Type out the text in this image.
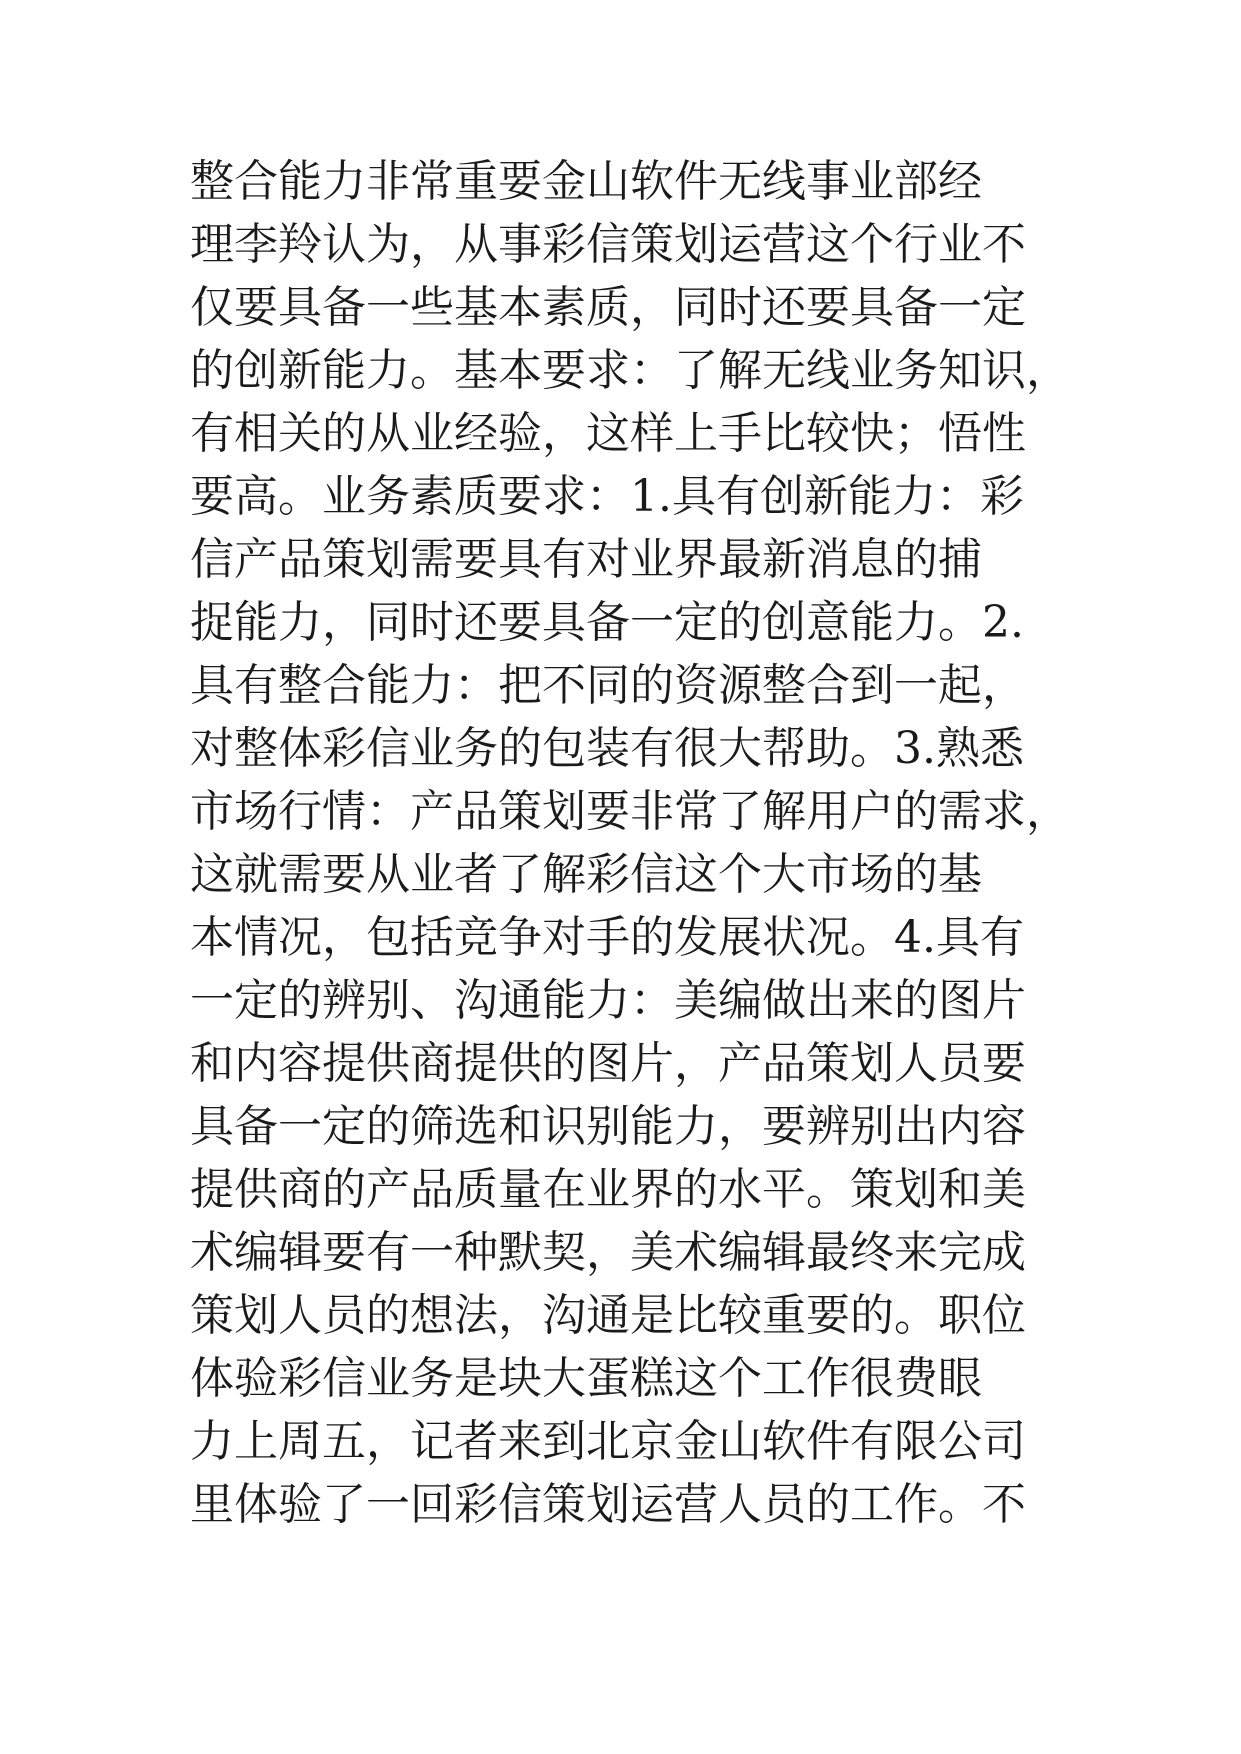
整合能力非常重要金山软件无线事业部经
理李羚认为，从事彩信策划运营这个行业不
仅要具备一些基本素质，同时还要具备一定
的创新能力。基本要求：了解无线业务知识，
有相关的从业经验，这样上手比较快；悟性
要高。业务素质要求：1.具有创新能力：彩
信产品策划需要具有对业界最新消息的捕
捉能力，同时还要具备一定的创意能力。2.
具有整合能力：把不同的资源整合到一起，
对整体彩信业务的包装有很大帮助。3.熟悉
市场行情：产品策划要非常了解用户的需求，
这就需要从业者了解彩信这个大市场的基
本情况，包括竞争对手的发展状况。4.具有
一定的辨别、沟通能力：美编做出来的图片
和内容提供商提供的图片，产品策划人员要
具备一定的筛选和识别能力，要辨别出内容
提供商的产品质量在业界的水平。策划和美
术编辑要有一种默契，美术编辑最终来完成
策划人员的想法，沟通是比较重要的。职位
体验彩信业务是块大蛋糕这个工作很费眼
力上周五，记者来到北京金山软件有限公司
里体验了一回彩信策划运营人员的工作。不
